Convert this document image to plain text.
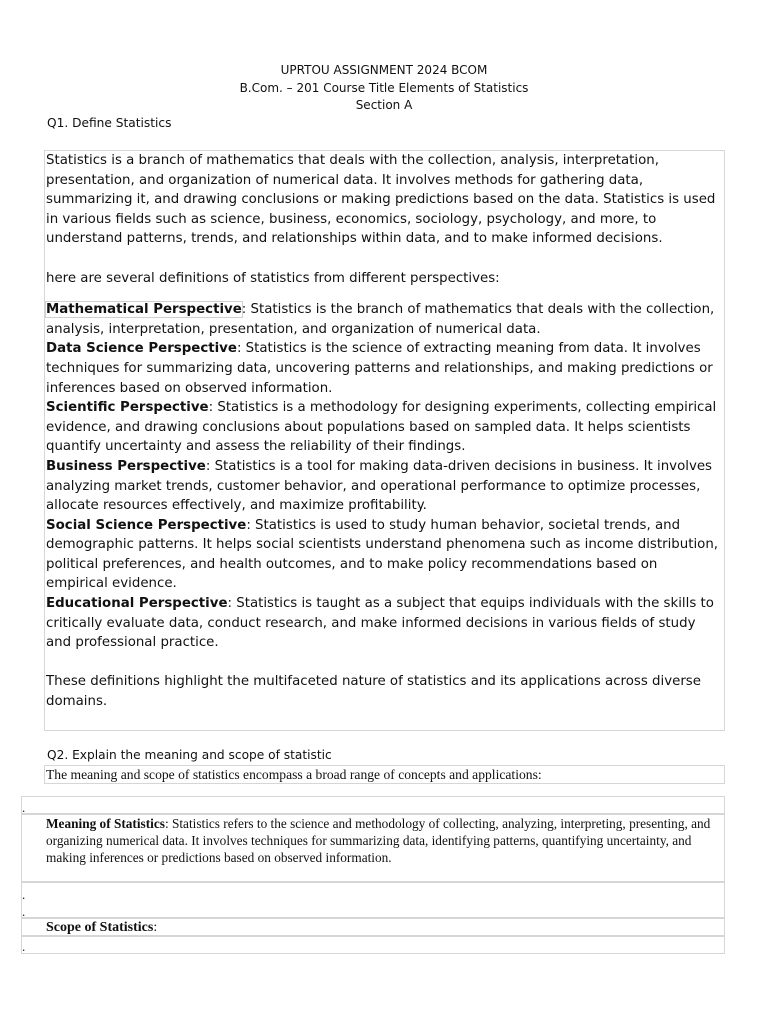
UPRTOU ASSIGNMENT 2024 BCOM
B.Com. – 201 Course Title Elements of Statistics
Section A
Q1. Define Statistics

Statistics is a branch of mathematics that deals with the collection, analysis, interpretation, presentation, and organization of numerical data. It involves methods for gathering data, summarizing it, and drawing conclusions or making predictions based on the data. Statistics is used in various fields such as science, business, economics, sociology, psychology, and more, to understand patterns, trends, and relationships within data, and to make informed decisions.

here are several definitions of statistics from different perspectives:

Mathematical Perspective: Statistics is the branch of mathematics that deals with the collection, analysis, interpretation, presentation, and organization of numerical data.

Data Science Perspective: Statistics is the science of extracting meaning from data. It involves techniques for summarizing data, uncovering patterns and relationships, and making predictions or inferences based on observed information.

Scientific Perspective: Statistics is a methodology for designing experiments, collecting empirical evidence, and drawing conclusions about populations based on sampled data. It helps scientists quantify uncertainty and assess the reliability of their findings.

Business Perspective: Statistics is a tool for making data-driven decisions in business. It involves analyzing market trends, customer behavior, and operational performance to optimize processes, allocate resources effectively, and maximize profitability.

Social Science Perspective: Statistics is used to study human behavior, societal trends, and demographic patterns. It helps social scientists understand phenomena such as income distribution, political preferences, and health outcomes, and to make policy recommendations based on empirical evidence.

Educational Perspective: Statistics is taught as a subject that equips individuals with the skills to critically evaluate data, conduct research, and make informed decisions in various fields of study and professional practice.

These definitions highlight the multifaceted nature of statistics and its applications across diverse domains.

Q2. Explain the meaning and scope of statistic
The meaning and scope of statistics encompass a broad range of concepts and applications:
.
Meaning of Statistics: Statistics refers to the science and methodology of collecting, analyzing, interpreting, presenting, and organizing numerical data. It involves techniques for summarizing data, identifying patterns, quantifying uncertainty, and making inferences or predictions based on observed information.
.
.
Scope of Statistics:
.
